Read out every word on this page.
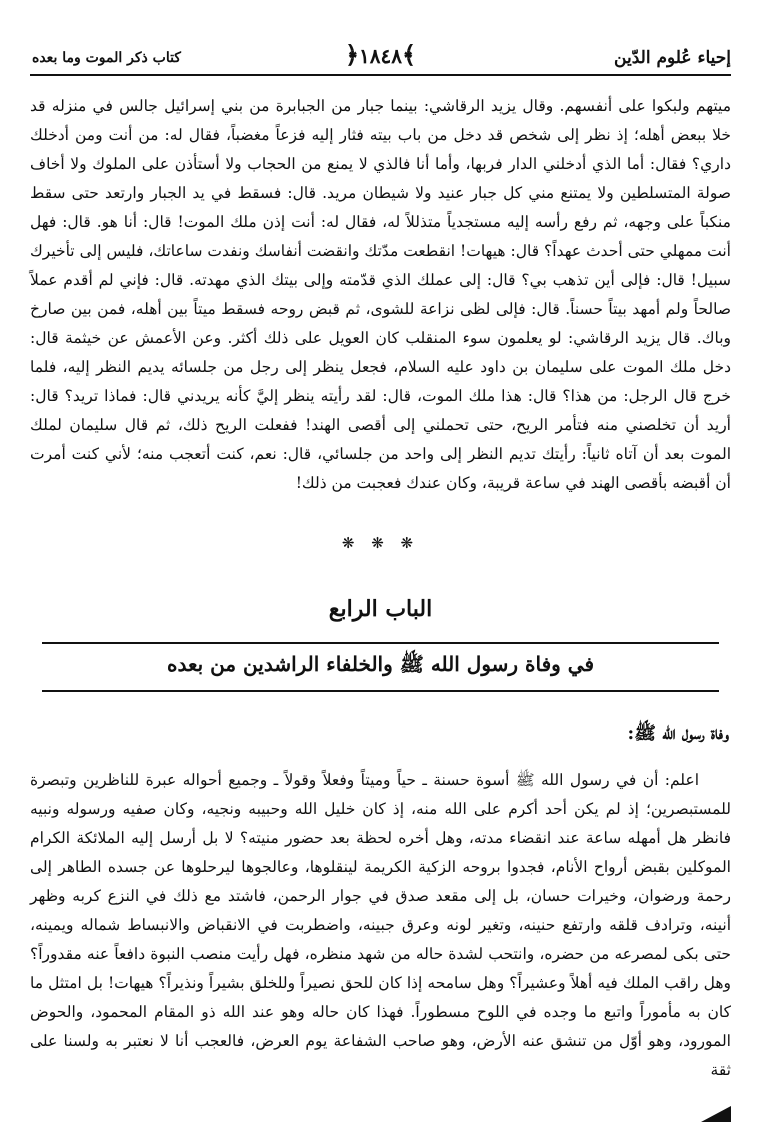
إحياء عُلوم الدّين
﴾١٨٤٨﴿
كتاب ذكر الموت وما بعده
ميتهم ولبكوا على أنفسهم. وقال يزيد الرقاشي: بينما جبار من الجبابرة من بني إسرائيل جالس في منزله قد خلا ببعض أهله؛ إذ نظر إلى شخص قد دخل من باب بيته فثار إليه فزعاً مغضباً، فقال له: من أنت ومن أدخلك داري؟ فقال: أما الذي أدخلني الدار فربها، وأما أنا فالذي لا يمنع من الحجاب ولا أستأذن على الملوك ولا أخاف صولة المتسلطين ولا يمتنع مني كل جبار عنيد ولا شيطان مريد. قال: فسقط في يد الجبار وارتعد حتى سقط منكباً على وجهه، ثم رفع رأسه إليه مستجدياً متذللاً له، فقال له: أنت إذن ملك الموت! قال: أنا هو. قال: فهل أنت ممهلي حتى أحدث عهداً؟ قال: هيهات! انقطعت مدّتك وانقضت أنفاسك ونفدت ساعاتك، فليس إلى تأخيرك سبيل! قال: فإلى أين تذهب بي؟ قال: إلى عملك الذي قدّمته وإلى بيتك الذي مهدته. قال: فإني لم أقدم عملاً صالحاً ولم أمهد بيتاً حسناً. قال: فإلى لظى نزاعة للشوى، ثم قبض روحه فسقط ميتاً بين أهله، فمن بين صارخ وباك. قال يزيد الرقاشي: لو يعلمون سوء المنقلب كان العويل على ذلك أكثر. وعن الأعمش عن خيثمة قال: دخل ملك الموت على سليمان بن داود عليه السلام، فجعل ينظر إلى رجل من جلسائه يديم النظر إليه، فلما خرج قال الرجل: من هذا؟ قال: هذا ملك الموت، قال: لقد رأيته ينظر إليَّ كأنه يريدني قال: فماذا تريد؟ قال: أريد أن تخلصني منه فتأمر الريح، حتى تحملني إلى أقصى الهند! ففعلت الريح ذلك، ثم قال سليمان لملك الموت بعد أن آتاه ثانياً: رأيتك تديم النظر إلى واحد من جلسائي، قال: نعم، كنت أتعجب منه؛ لأني كنت أمرت أن أقبضه بأقصى الهند في ساعة قريبة، وكان عندك فعجبت من ذلك!
❋ ❋ ❋
الباب الرابع
في وفاة رسول الله ﷺ والخلفاء الراشدين من بعده
وفاة رسول الله ﷺ:
اعلم: أن في رسول الله ﷺ أسوة حسنة ـ حياً وميتاً وفعلاً وقولاً ـ وجميع أحواله عبرة للناظرين وتبصرة للمستبصرين؛ إذ لم يكن أحد أكرم على الله منه، إذ كان خليل الله وحبيبه ونجيه، وكان صفيه ورسوله ونبيه فانظر هل أمهله ساعة عند انقضاء مدته، وهل أخره لحظة بعد حضور منيته؟ لا بل أرسل إليه الملائكة الكرام الموكلين بقبض أرواح الأنام، فجدوا بروحه الزكية الكريمة لينقلوها، وعالجوها ليرحلوها عن جسده الطاهر إلى رحمة ورضوان، وخيرات حسان، بل إلى مقعد صدق في جوار الرحمن، فاشتد مع ذلك في النزع كربه وظهر أنينه، وترادف قلقه وارتفع حنينه، وتغير لونه وعرق جبينه، واضطربت في الانقباض والانبساط شماله ويمينه، حتى بكى لمصرعه من حضره، وانتحب لشدة حاله من شهد منظره، فهل رأيت منصب النبوة دافعاً عنه مقدوراً؟ وهل راقب الملك فيه أهلاً وعشيراً؟ وهل سامحه إذا كان للحق نصيراً وللخلق بشيراً ونذيراً؟ هيهات! بل امتثل ما كان به مأموراً واتبع ما وجده في اللوح مسطوراً. فهذا كان حاله وهو عند الله ذو المقام المحمود، والحوض المورود، وهو أوّل من تنشق عنه الأرض، وهو صاحب الشفاعة يوم العرض، فالعجب أنا لا نعتبر به ولسنا على ثقة
